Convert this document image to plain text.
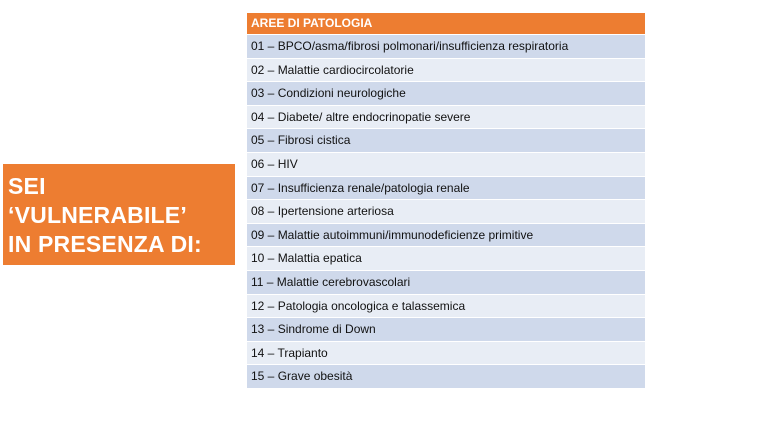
SEI
‘VULNERABILE’
IN PRESENZA DI:
AREE DI PATOLOGIA
01 – BPCO/asma/fibrosi polmonari/insufficienza respiratoria
02 – Malattie cardiocircolatorie
03 – Condizioni neurologiche
04 – Diabete/ altre endocrinopatie severe
05 – Fibrosi cistica
06 – HIV
07 – Insufficienza renale/patologia renale
08 – Ipertensione arteriosa
09 – Malattie autoimmuni/immunodeficienze primitive
10 – Malattia epatica
11 – Malattie cerebrovascolari
12 – Patologia oncologica e talassemica
13 – Sindrome di Down
14 – Trapianto
15 – Grave obesità
